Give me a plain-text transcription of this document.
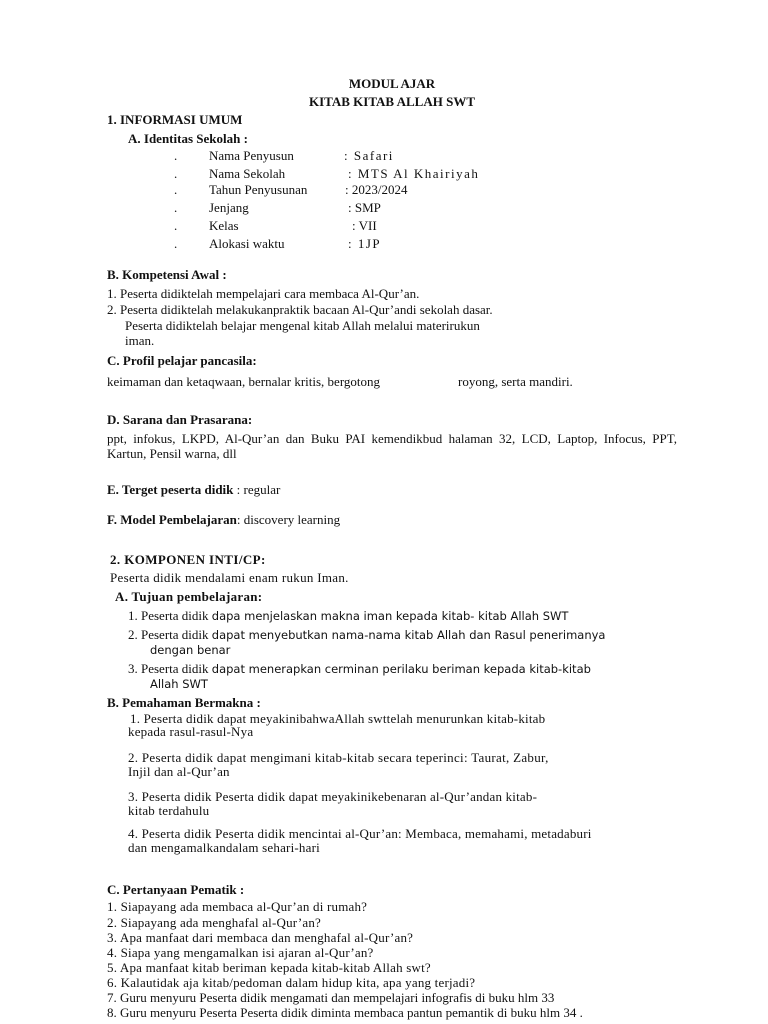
MODUL AJAR
KITAB KITAB ALLAH SWT
1. INFORMASI UMUM
A. Identitas Sekolah :
. Nama Penyusun	: Safari
. Nama Sekolah	: MTS Al Khairiyah
. Tahun Penyusunan	: 2023/2024
. Jenjang	: SMP
. Kelas	: VII
. Alokasi waktu	: 1JP
B. Kompetensi Awal :
1. Peserta didiktelah mempelajari cara membaca Al-Qur’an.
2. Peserta didiktelah melakukanpraktik bacaan Al-Qur’andi sekolah dasar.
Peserta didiktelah belajar mengenal kitab Allah melalui materirukun
iman.
C. Profil pelajar pancasila:
keimaman dan ketaqwaan, bernalar kritis, bergotong	royong, serta mandiri.
D. Sarana dan Prasarana:
ppt, infokus, LKPD, Al-Qur’an dan Buku PAI kemendikbud halaman 32, LCD, Laptop, Infocus, PPT, Kartun, Pensil warna, dll
E. Terget peserta didik : regular
F. Model Pembelajaran: discovery learning
2. KOMPONEN INTI/CP:
Peserta didik mendalami enam rukun Iman.
A. Tujuan pembelajaran:
1. Peserta didik dapa menjelaskan makna iman kepada kitab- kitab Allah SWT
2. Peserta didik dapat menyebutkan nama-nama kitab Allah dan Rasul penerimanya
dengan benar
3. Peserta didik dapat menerapkan cerminan perilaku beriman kepada kitab-kitab
Allah SWT
B. Pemahaman Bermakna :
1. Peserta didik dapat meyakinibahwaAllah swttelah menurunkan kitab-kitab
kepada rasul-rasul-Nya
2. Peserta didik dapat mengimani kitab-kitab secara teperinci: Taurat, Zabur,
Injil dan al-Qur’an
3. Peserta didik Peserta didik dapat meyakinikebenaran al-Qur’andan kitab-
kitab terdahulu
4. Peserta didik Peserta didik mencintai al-Qur’an: Membaca, memahami, metadaburi
dan mengamalkandalam sehari-hari
C. Pertanyaan Pematik :
1. Siapayang ada membaca al-Qur’an di rumah?
2. Siapayang ada menghafal al-Qur’an?
3. Apa manfaat dari membaca dan menghafal al-Qur’an?
4. Siapa yang mengamalkan isi ajaran al-Qur’an?
5. Apa manfaat kitab beriman kepada kitab-kitab Allah swt?
6. Kalautidak aja kitab/pedoman dalam hidup kita, apa yang terjadi?
7. Guru menyuru Peserta didik mengamati dan mempelajari infografis di buku hlm 33
8. Guru menyuru Peserta Peserta didik diminta membaca pantun pemantik di buku hlm 34 .
